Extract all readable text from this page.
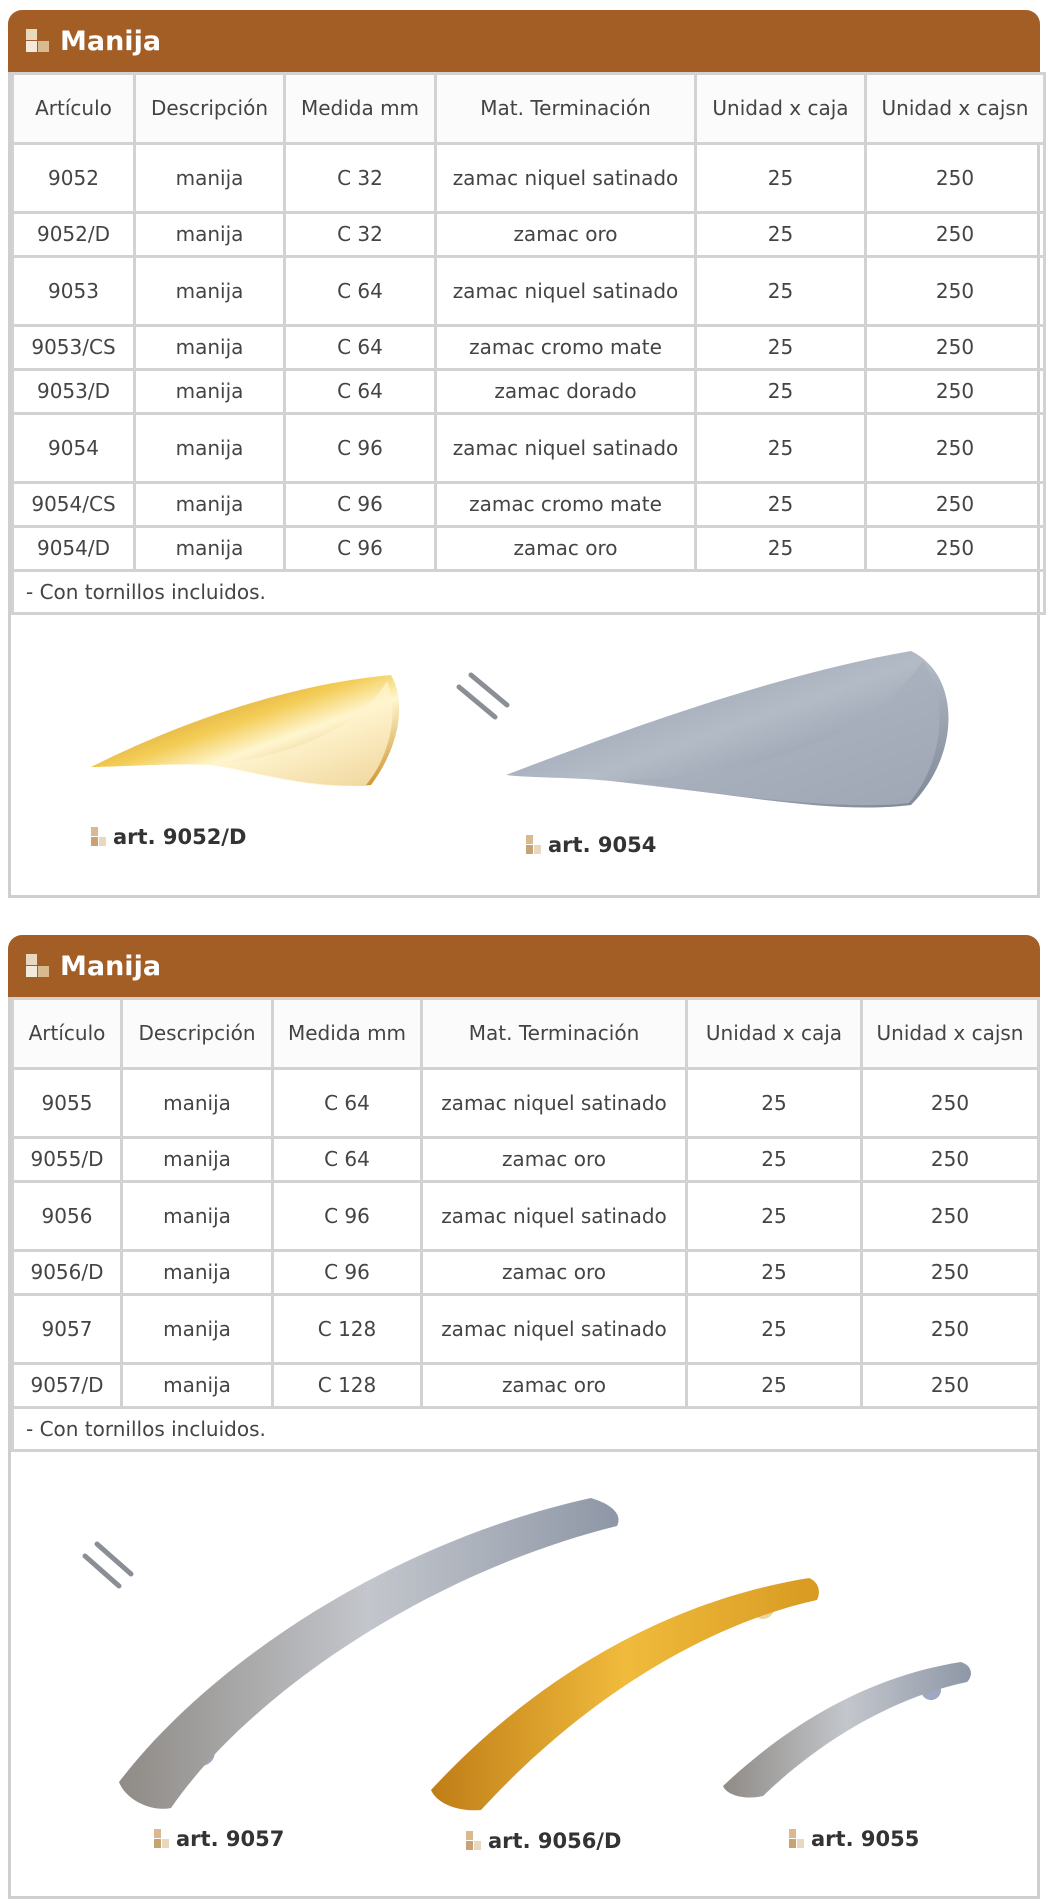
Manija
Artículo	Descripción	Medida mm	Mat. Terminación	Unidad x caja	Unidad x cajsn
9052	manija	C 32	zamac niquel satinado	25	250
9052/D	manija	C 32	zamac oro	25	250
9053	manija	C 64	zamac niquel satinado	25	250
9053/CS	manija	C 64	zamac cromo mate	25	250
9053/D	manija	C 64	zamac dorado	25	250
9054	manija	C 96	zamac niquel satinado	25	250
9054/CS	manija	C 96	zamac cromo mate	25	250
9054/D	manija	C 96	zamac oro	25	250
- Con tornillos incluidos.					
art. 9052/D	art. 9054
Manija
Artículo	Descripción	Medida mm	Mat. Terminación	Unidad x caja	Unidad x cajsn
9055	manija	C 64	zamac niquel satinado	25	250
9055/D	manija	C 64	zamac oro	25	250
9056	manija	C 96	zamac niquel satinado	25	250
9056/D	manija	C 96	zamac oro	25	250
9057	manija	C 128	zamac niquel satinado	25	250
9057/D	manija	C 128	zamac oro	25	250
- Con tornillos incluidos.					
art. 9057	art. 9056/D	art. 9055
